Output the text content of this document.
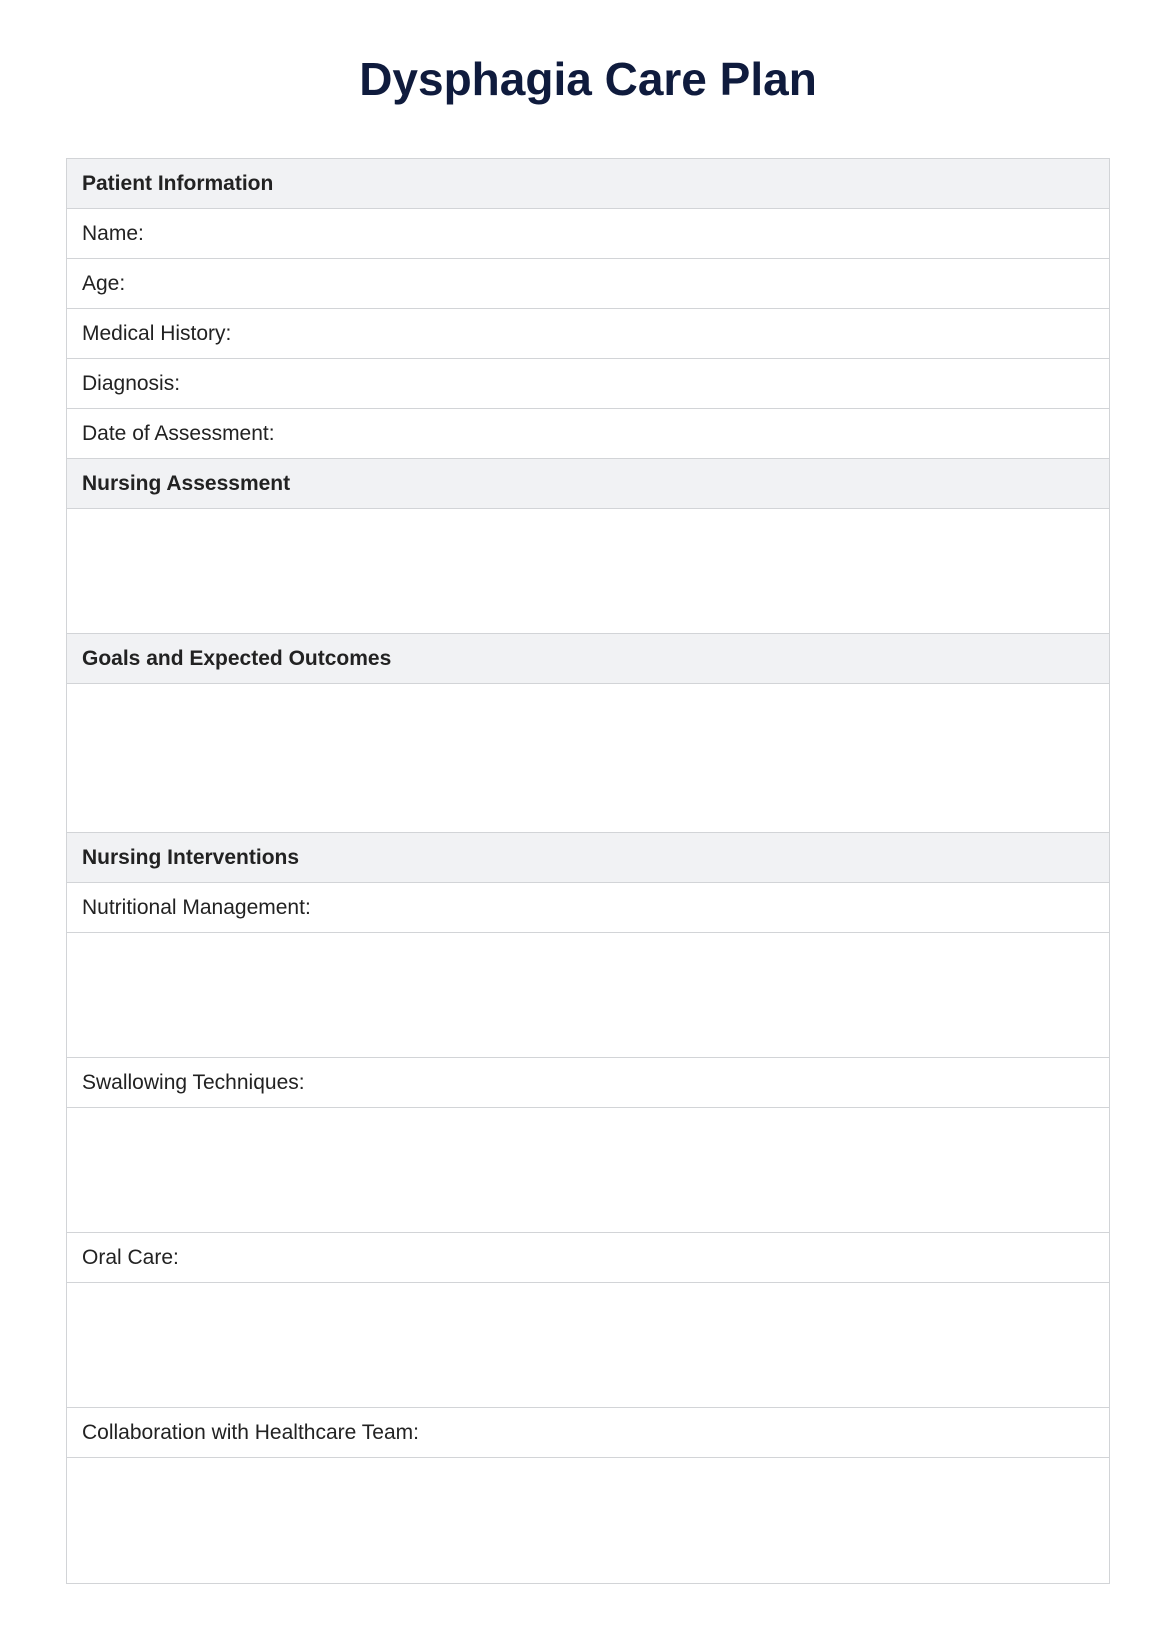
Dysphagia Care Plan
Patient Information
Name:
Age:
Medical History:
Diagnosis:
Date of Assessment:
Nursing Assessment
Goals and Expected Outcomes
Nursing Interventions
Nutritional Management:
Swallowing Techniques:
Oral Care:
Collaboration with Healthcare Team:
